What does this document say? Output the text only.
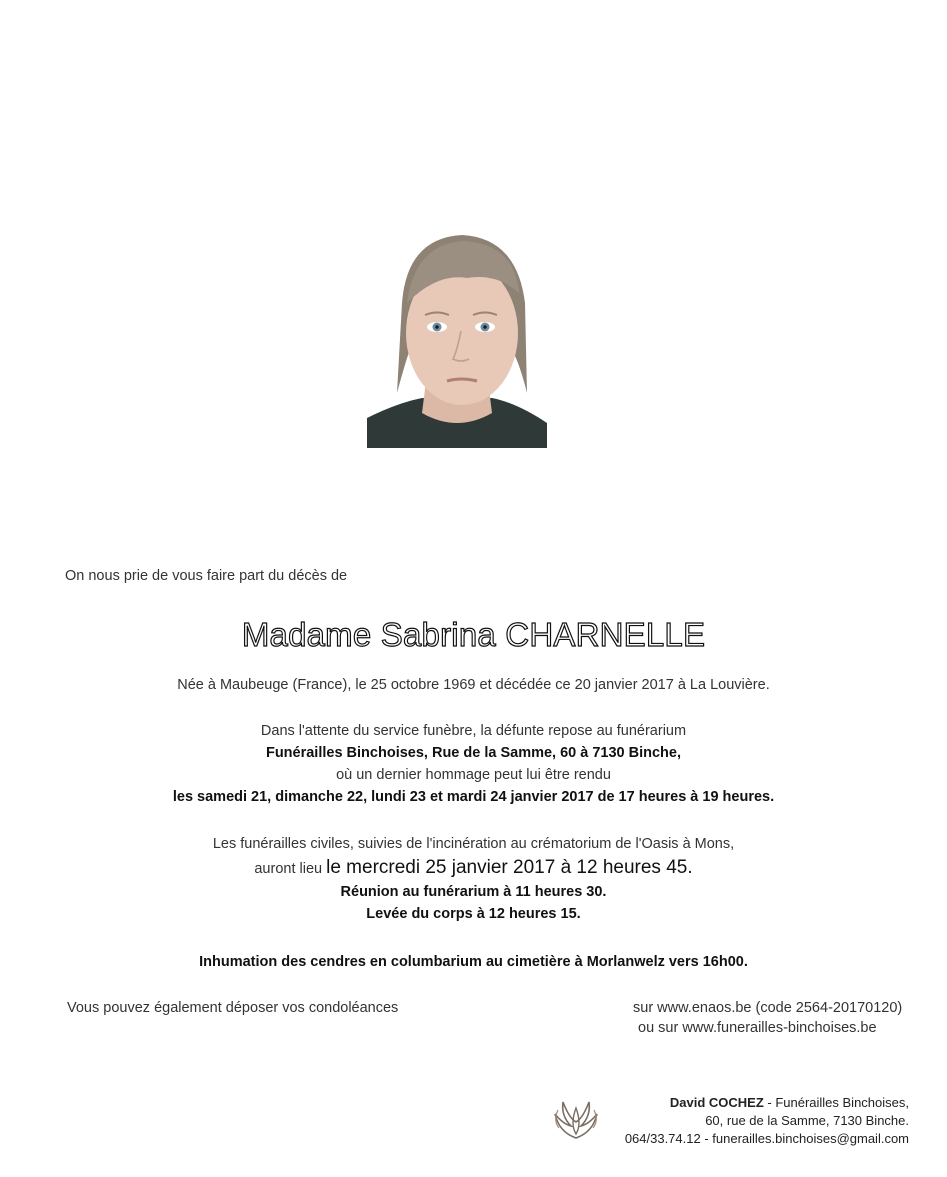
On nous prie de vous faire part du décès de
Madame Sabrina CHARNELLE
Née à Maubeuge (France), le 25 octobre 1969 et décédée ce 20 janvier 2017 à La Louvière.
Dans l'attente du service funèbre, la défunte repose au funérarium
Funérailles Binchoises, Rue de la Samme, 60 à 7130 Binche,
où un dernier hommage peut lui être rendu
les samedi 21, dimanche 22, lundi 23 et mardi 24 janvier 2017 de 17 heures à 19 heures.
Les funérailles civiles, suivies de l'incinération au crématorium de l'Oasis à Mons,
auront lieu le mercredi 25 janvier 2017 à 12 heures 45.
Réunion au funérarium à 11 heures 30.
Levée du corps à 12 heures 15.
Inhumation des cendres en columbarium au cimetière à Morlanwelz vers 16h00.
Vous pouvez également déposer vos condoléances	sur www.enaos.be (code 2564-20170120)
ou sur www.funerailles-binchoises.be
David COCHEZ - Funérailles Binchoises,
60, rue de la Samme, 7130 Binche.
064/33.74.12 - funerailles.binchoises@gmail.com
